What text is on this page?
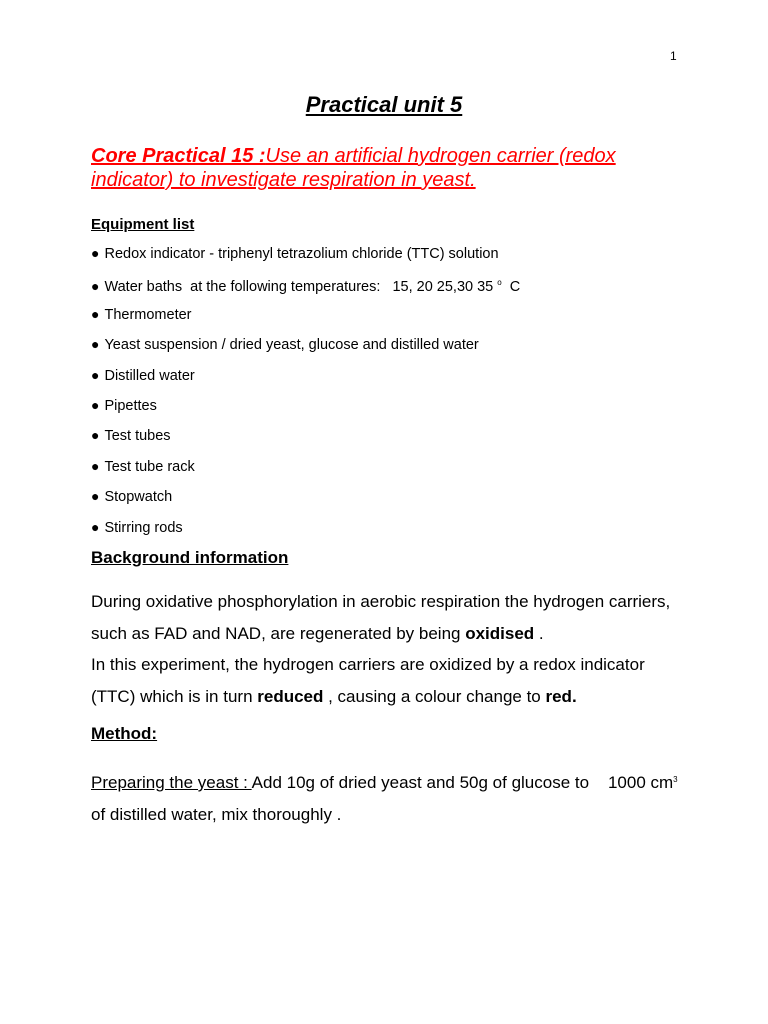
1
Practical unit 5
Core Practical 15 :Use an artificial hydrogen carrier (redox indicator) to investigate respiration in yeast.
Equipment list
● Redox indicator - triphenyl tetrazolium chloride (TTC) solution
● Water baths  at the following temperatures:   15, 20 25,30 35 $^o$  C
● Thermometer
● Yeast suspension / dried yeast, glucose and distilled water
● Distilled water
● Pipettes
● Test tubes
● Test tube rack
● Stopwatch
● Stirring rods
Background information
During oxidative phosphorylation in aerobic respiration the hydrogen carriers, such as FAD and NAD, are regenerated by being oxidised .
In this experiment, the hydrogen carriers are oxidized by a redox indicator (TTC) which is in turn reduced , causing a colour change to red.
Method:
Preparing the yeast : Add 10g of dried yeast and 50g of glucose to    1000 $cm^3$  of distilled water, mix thoroughly .
